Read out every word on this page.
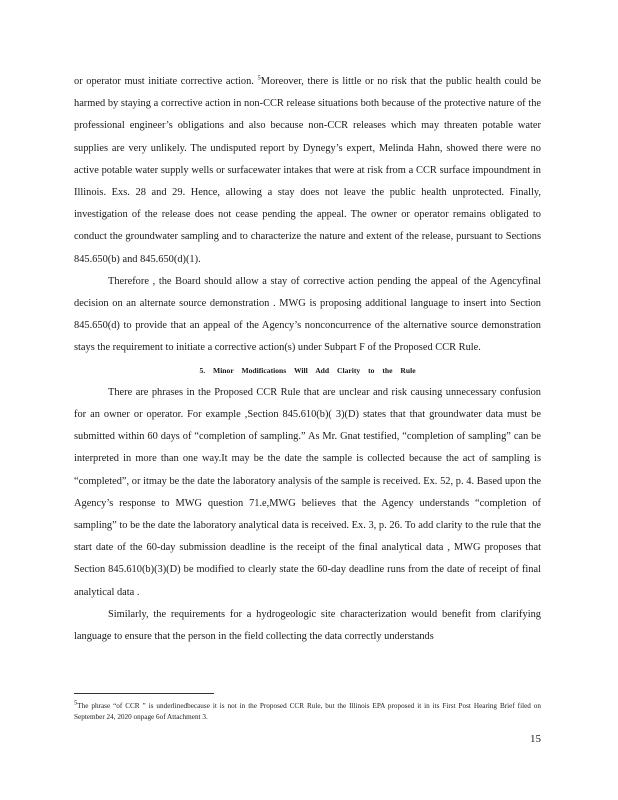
or operator must initiate corrective action. $^5$Moreover, there is little or no risk that the public health could be harmed by staying a corrective action in non-CCR release situations both because of the protective nature of the professional engineer’s obligations and also because non-CCR releases which may threaten potable water supplies are very unlikely. The undisputed report by Dynegy’s expert, Melinda Hahn, showed there were no active potable water supply wells or surfacewater intakes that were at risk from a CCR surface impoundment in Illinois. Exs. 28 and 29. Hence, allowing a stay does not leave the public health unprotected. Finally, investigation of the release does not cease pending the appeal. The owner or operator remains obligated to conduct the groundwater sampling and to characterize the nature and extent of the release, pursuant to Sections 845.650(b) and 845.650(d)(1).

Therefore , the Board should allow a stay of corrective action pending the appeal of the Agencyfinal decision on an alternate source demonstration . MWG is proposing additional language to insert into Section 845.650(d) to provide that an appeal of the Agency’s nonconcurrence of the alternative source demonstration stays the requirement to initiate a corrective action(s) under Subpart F of the Proposed CCR Rule.

5. Minor Modifications Will Add Clarity to the Rule

There are phrases in the Proposed CCR Rule that are unclear and risk causing unnecessary confusion for an owner or operator. For example ,Section 845.610(b)( 3)(D) states that that groundwater data must be submitted within 60 days of “completion of sampling.” As Mr. Gnat testified, “completion of sampling” can be interpreted in more than one way.It may be the date the sample is collected because the act of sampling is “completed”, or itmay be the date the laboratory analysis of the sample is received. Ex. 52, p. 4. Based upon the Agency’s response to MWG question 71.e,MWG believes that the Agency understands “completion of sampling” to be the date the laboratory analytical data is received. Ex. 3, p. 26. To add clarity to the rule that the start date of the 60-day submission deadline is the receipt of the final analytical data , MWG proposes that Section 845.610(b)(3)(D) be modified to clearly state the 60-day deadline runs from the date of receipt of final analytical data .

Similarly, the requirements for a hydrogeologic site characterization would benefit from clarifying language to ensure that the person in the field collecting the data correctly understands

$^5$The phrase “of CCR ” is underlinedbecause it is not in the Proposed CCR Rule, but the Illinois EPA proposed it in its First Post Hearing Brief filed on September 24, 2020 onpage 6of Attachment 3.

15
